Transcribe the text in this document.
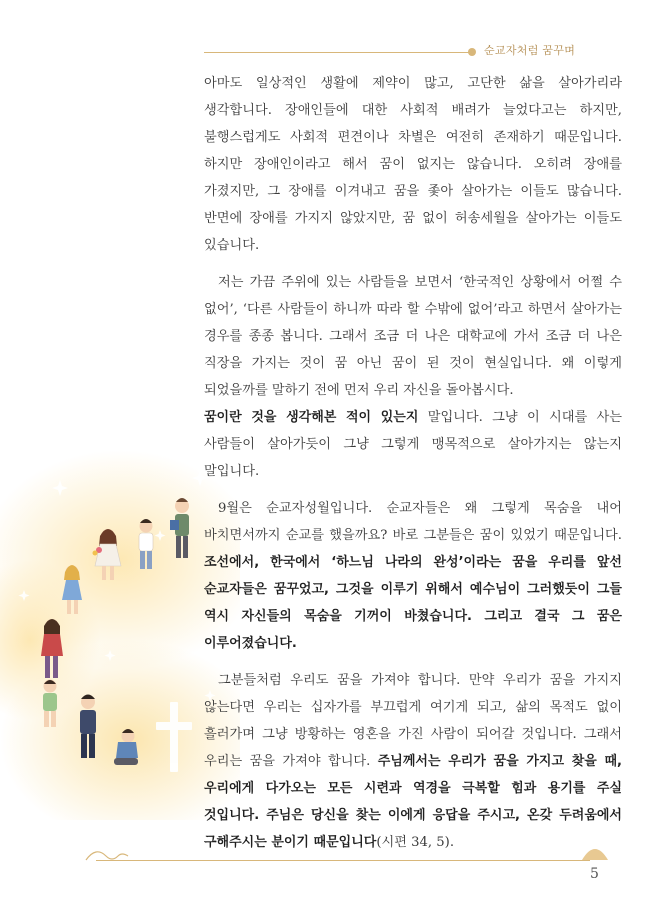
순교자처럼 꿈꾸며

아마도 일상적인 생활에 제약이 많고, 고단한 삶을 살아가리라 생각합니다. 장애인들에 대한 사회적 배려가 늘었다고는 하지만, 불행스럽게도 사회적 편견이나 차별은 여전히 존재하기 때문입니다. 하지만 장애인이라고 해서 꿈이 없지는 않습니다. 오히려 장애를 가졌지만, 그 장애를 이겨내고 꿈을 좇아 살아가는 이들도 많습니다. 반면에 장애를 가지지 않았지만, 꿈 없이 허송세월을 살아가는 이들도 있습니다.

저는 가끔 주위에 있는 사람들을 보면서 ‘한국적인 상황에서 어쩔 수 없어’, ‘다른 사람들이 하니까 따라 할 수밖에 없어’라고 하면서 살아가는 경우를 종종 봅니다. 그래서 조금 더 나은 대학교에 가서 조금 더 나은 직장을 가지는 것이 꿈 아닌 꿈이 된 것이 현실입니다. 왜 이렇게 되었을까를 말하기 전에 먼저 우리 자신을 돌아봅시다.

꿈이란 것을 생각해본 적이 있는지 말입니다. 그냥 이 시대를 사는 사람들이 살아가듯이 그냥 그렇게 맹목적으로 살아가지는 않는지 말입니다.

9월은 순교자성월입니다. 순교자들은 왜 그렇게 목숨을 내어 바치면서까지 순교를 했을까요? 바로 그분들은 꿈이 있었기 때문입니다. 조선에서, 한국에서 ‘하느님 나라의 완성’이라는 꿈을 우리를 앞선 순교자들은 꿈꾸었고, 그것을 이루기 위해서 예수님이 그러했듯이 그들 역시 자신들의 목숨을 기꺼이 바쳤습니다. 그리고 결국 그 꿈은 이루어졌습니다.

그분들처럼 우리도 꿈을 가져야 합니다. 만약 우리가 꿈을 가지지 않는다면 우리는 십자가를 부끄럽게 여기게 되고, 삶의 목적도 없이 흘러가며 그냥 방황하는 영혼을 가진 사람이 되어갈 것입니다. 그래서 우리는 꿈을 가져야 합니다. 주님께서는 우리가 꿈을 가지고 찾을 때, 우리에게 다가오는 모든 시련과 역경을 극복할 힘과 용기를 주실 것입니다. 주님은 당신을 찾는 이에게 응답을 주시고, 온갖 두려움에서 구해주시는 분이기 때문입니다(시편 34, 5).

5
